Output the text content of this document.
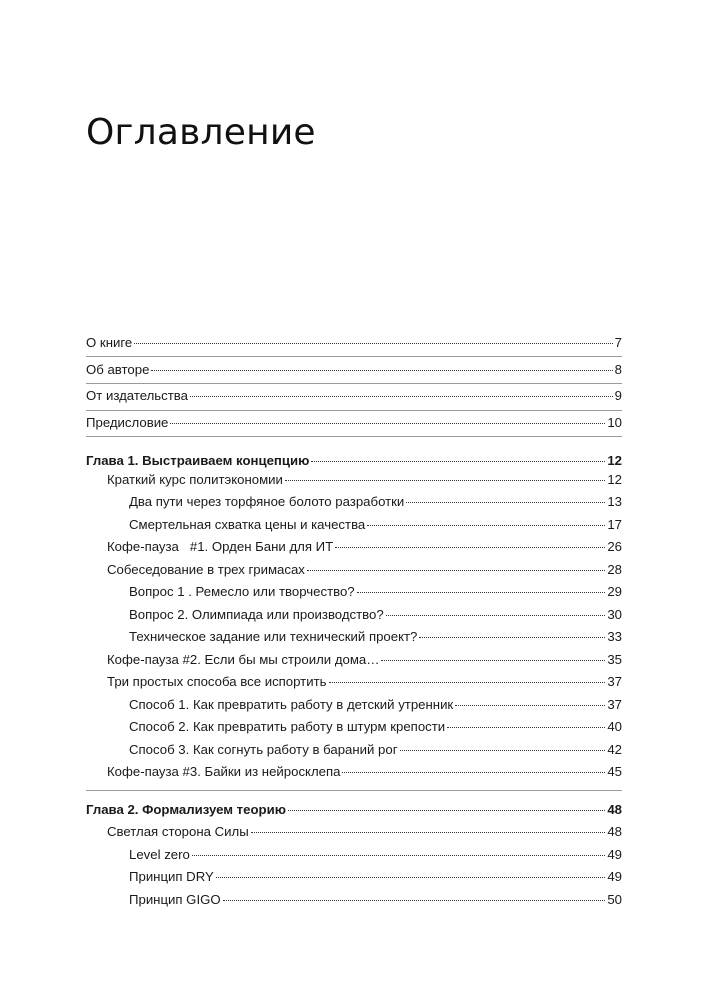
Оглавление
О книге	7
Об авторе	8
От издательства	9
Предисловие	10
Глава 1. Выстраиваем концепцию	12
Краткий курс политэкономии	12
Два пути через торфяное болото разработки	13
Смертельная схватка цены и качества	17
Кофе-пауза   #1. Орден Бани для ИТ	26
Собеседование в трех гримасах	28
Вопрос 1 . Ремесло или творчество?	29
Вопрос 2. Олимпиада или производство?	30
Техническое задание или технический проект?	33
Кофе-пауза #2. Если бы мы строили дома…	35
Три простых способа все испортить	37
Способ 1. Как превратить работу в детский утренник	37
Способ 2. Как превратить работу в штурм крепости	40
Способ 3. Как согнуть работу в бараний рог	42
Кофе-пауза #3. Байки из нейросклепа	45
Глава 2. Формализуем теорию	48
Светлая сторона Силы	48
Level zero	49
Принцип DRY	49
Принцип GIGO	50
